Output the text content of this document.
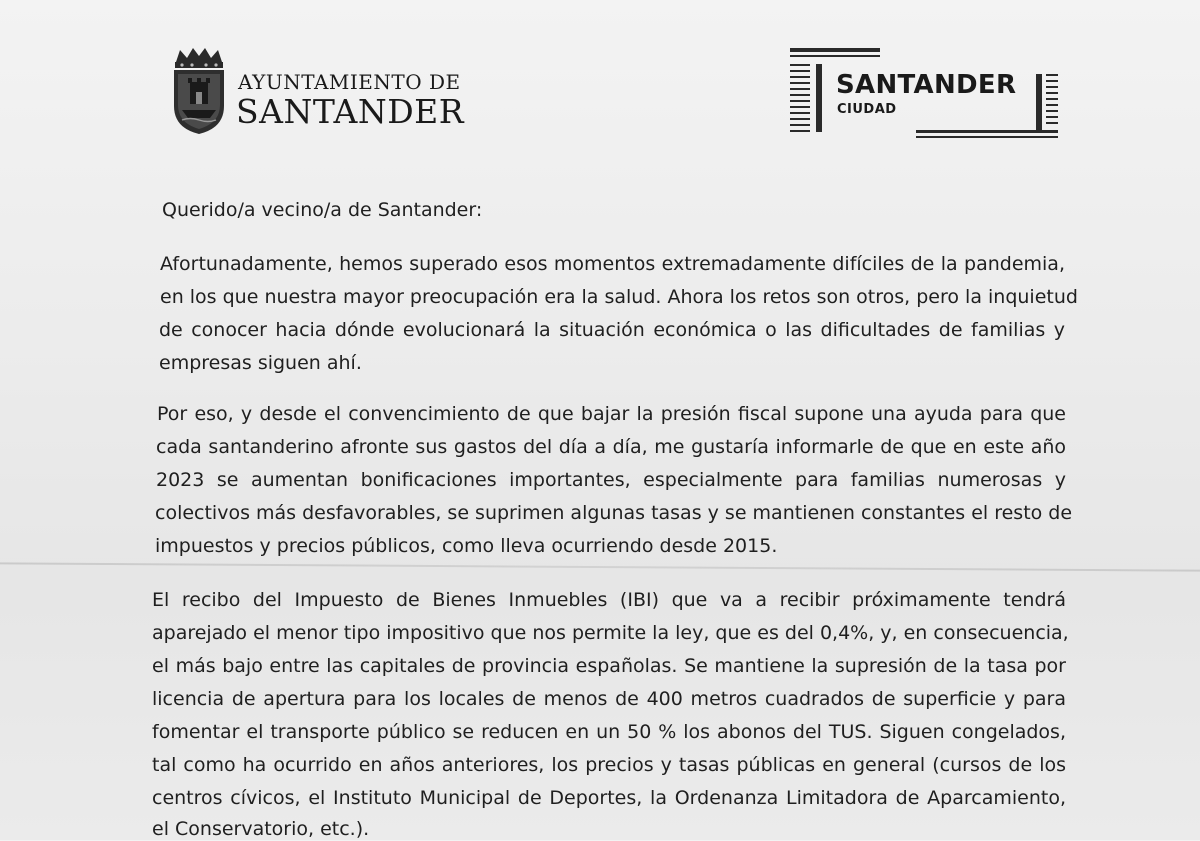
AYUNTAMIENTO DE
SANTANDER
SANTANDER
CIUDAD
Querido/a vecino/a de Santander:
Afortunadamente, hemos superado esos momentos extremadamente difíciles de la pandemia,
en los que nuestra mayor preocupación era la salud. Ahora los retos son otros, pero la inquietud
de conocer hacia dónde evolucionará la situación económica o las dificultades de familias y
empresas siguen ahí.
Por eso, y desde el convencimiento de que bajar la presión fiscal supone una ayuda para que
cada santanderino afronte sus gastos del día a día, me gustaría informarle de que en este año
2023 se aumentan bonificaciones importantes, especialmente para familias numerosas y
colectivos más desfavorables, se suprimen algunas tasas y se mantienen constantes el resto de
impuestos y precios públicos, como lleva ocurriendo desde 2015.
El recibo del Impuesto de Bienes Inmuebles (IBI) que va a recibir próximamente tendrá
aparejado el menor tipo impositivo que nos permite la ley, que es del 0,4%, y, en consecuencia,
el más bajo entre las capitales de provincia españolas. Se mantiene la supresión de la tasa por
licencia de apertura para los locales de menos de 400 metros cuadrados de superficie y para
fomentar el transporte público se reducen en un 50 % los abonos del TUS. Siguen congelados,
tal como ha ocurrido en años anteriores, los precios y tasas públicas en general (cursos de los
centros cívicos, el Instituto Municipal de Deportes, la Ordenanza Limitadora de Aparcamiento,
el Conservatorio, etc.).
